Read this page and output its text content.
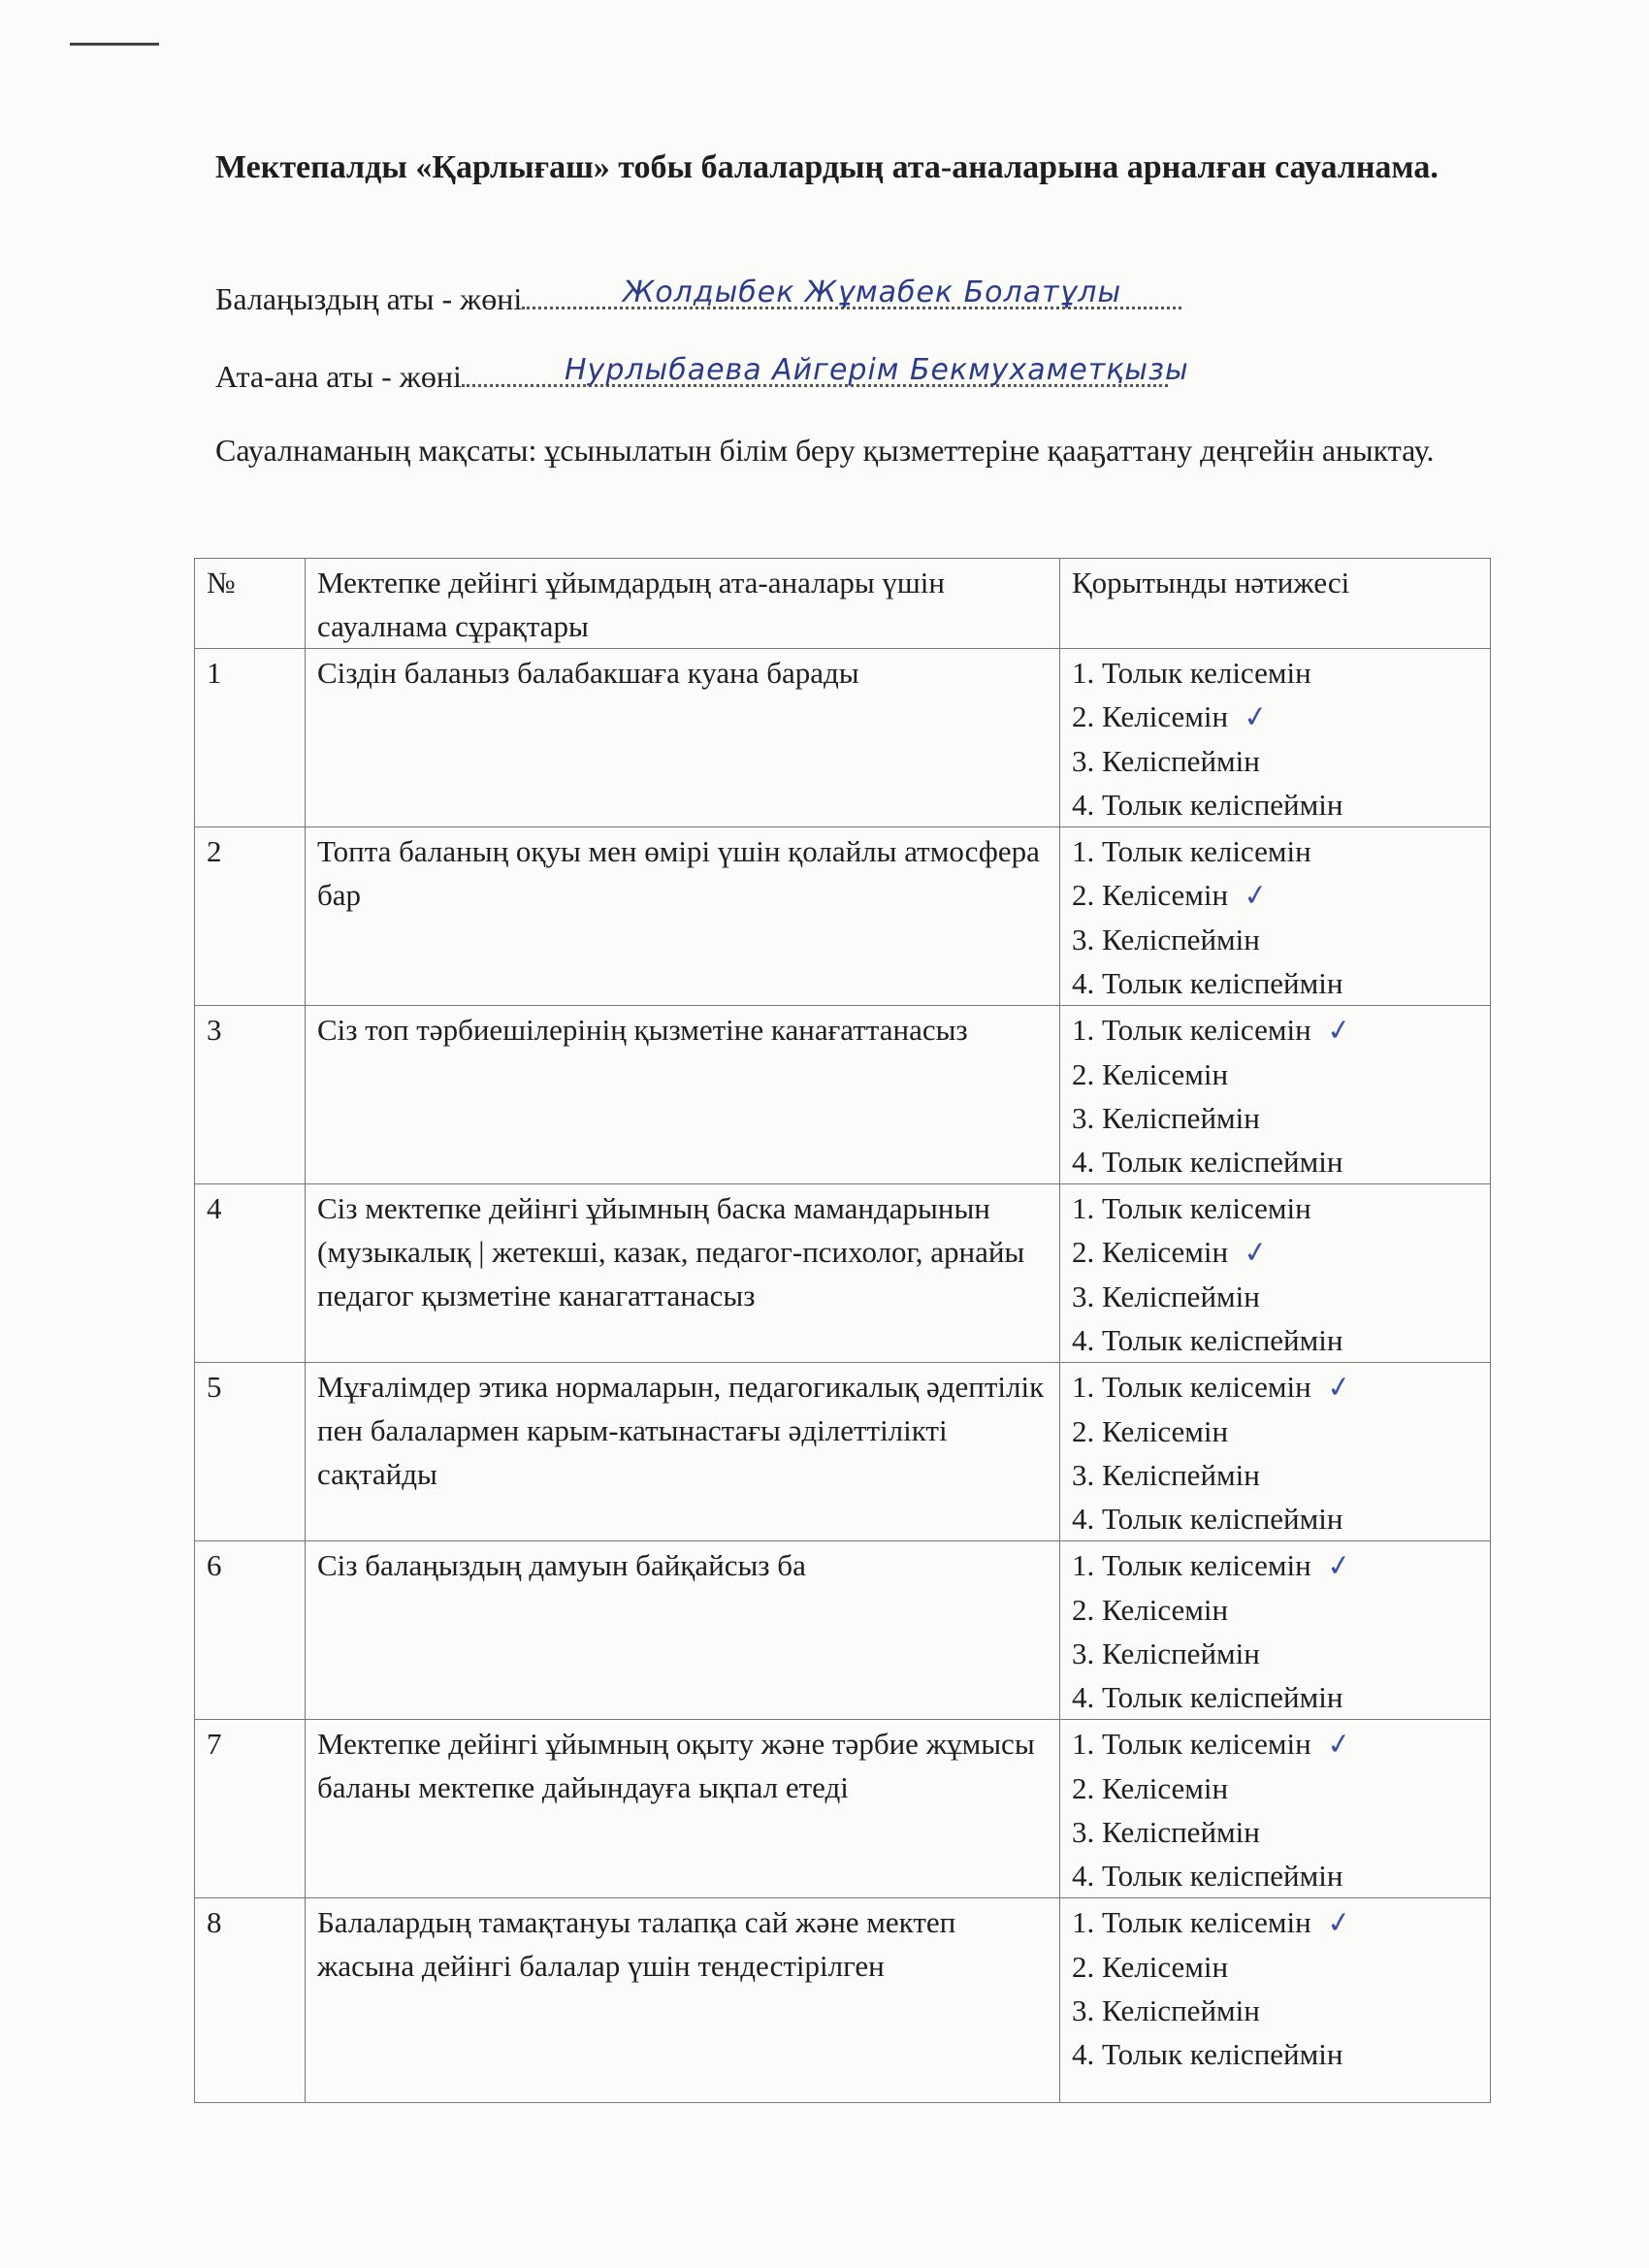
Мектепалды «Қарлығаш» тобы балалардың ата-аналарына арналған сауалнама.
Балаңыздың аты - жөні	Жолдыбек Жұмабек Болатұлы
Ата-ана аты - жөні	Нурлыбаева Айгерім Бекмухаметқызы

Сауалнаманың мақсаты: ұсынылатын білім беру қызметтеріне қааҕаттану деңгейін аныктау.

№	Мектепке дейінгі ұйымдардың ата-аналары үшін сауалнама сұрақтары	Қорытынды нәтижесі
1	Сіздін баланыз балабакшаға куана барады	1. Толык келісемін
2. Келісемін ✓
3. Келіспеймін
4. Толык келіспеймін

2	Топта баланың оқуы мен өмірі үшін қолайлы атмосфера бар	1. Толык келісемін
2. Келісемін ✓
3. Келіспеймін
4. Толык келіспеймін

3	Сіз топ тәрбиешілерінің қызметіне канағаттанасыз	1. Толык келісемін ✓
2. Келісемін
3. Келіспеймін
4. Толык келіспеймін

4	Сіз мектепке дейінгі ұйымның баска мамандарынын (музыкалық | жетекші, казак, педагог-психолог, арнайы педагог қызметіне канагаттанасыз	1. Толык келісемін
2. Келісемін ✓
3. Келіспеймін
4. Толык келіспеймін

5	Мұғалімдер этика нормаларын, педагогикалық әдептілік пен балалармен карым-катынастағы әділеттілікті сақтайды	1. Толык келісемін ✓
2. Келісемін
3. Келіспеймін
4. Толык келіспеймін

6	Сіз балаңыздың дамуын байқайсыз ба	1. Толык келісемін ✓
2. Келісемін
3. Келіспеймін
4. Толык келіспеймін

7	Мектепке дейінгі ұйымның оқыту және тәрбие жұмысы баланы мектепке дайындауға ықпал етеді	1. Толык келісемін ✓
2. Келісемін
3. Келіспеймін
4. Толык келіспеймін

8	Балалардың тамақтануы талапқа сай және мектеп жасына дейінгі балалар үшін тендестірілген	1. Толык келісемін ✓
2. Келісемін
3. Келіспеймін
4. Толык келіспеймін
